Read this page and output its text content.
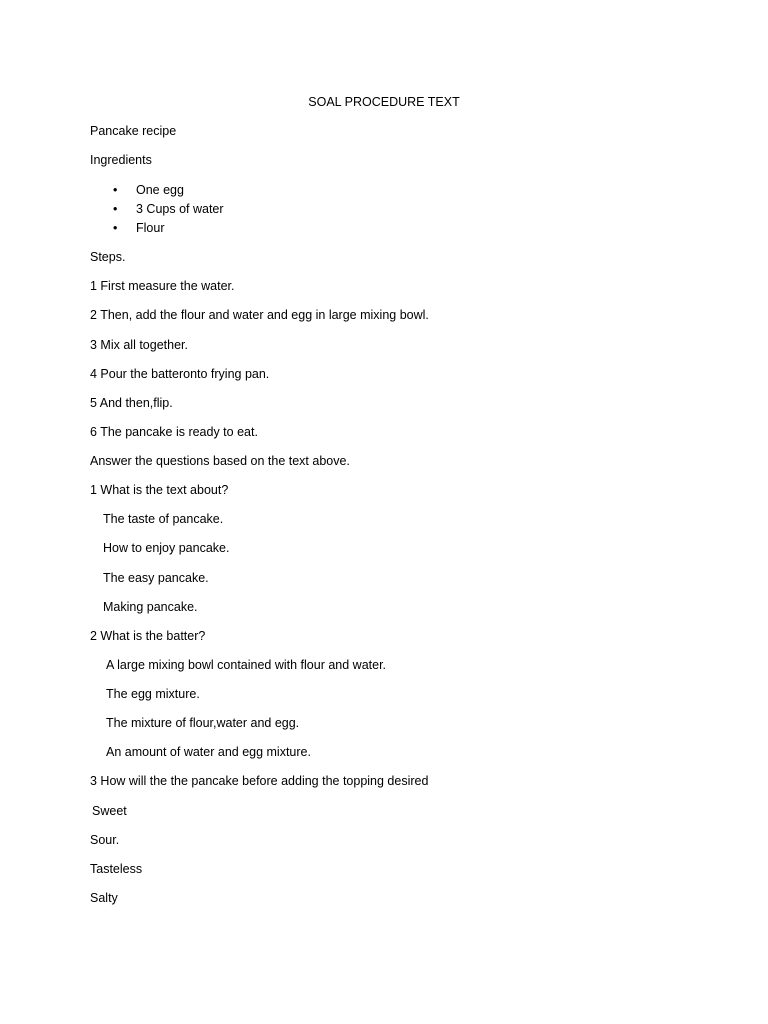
SOAL PROCEDURE TEXT
Pancake recipe
Ingredients
• One egg
• 3 Cups of water
• Flour
Steps.
1 First measure the water.
2 Then, add the flour and water and egg in large mixing bowl.
3 Mix all together.
4 Pour the batteronto frying pan.
5 And then,flip.
6 The pancake is ready to eat.
Answer the questions based on the text above.
1 What is the text about?
The taste of pancake.
How to enjoy pancake.
The easy pancake.
Making pancake.
2 What is the batter?
A large mixing bowl contained with flour and water.
The egg mixture.
The mixture of flour,water and egg.
An amount of water and egg mixture.
3 How will the the pancake before adding the topping desired
Sweet
Sour.
Tasteless
Salty
